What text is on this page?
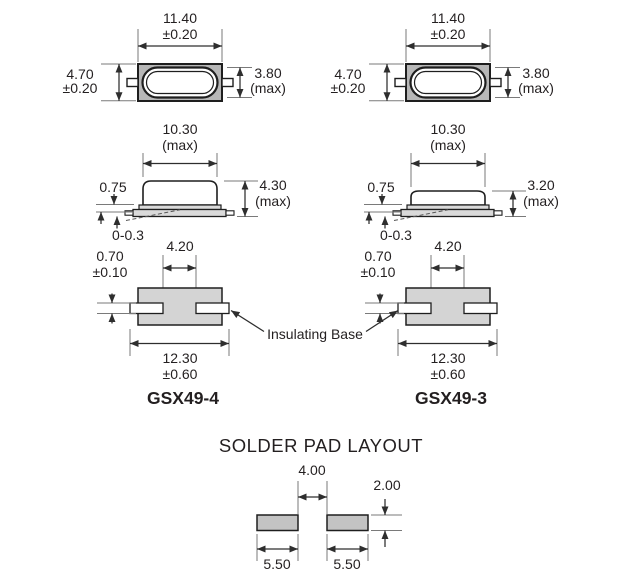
11.40
±0.20
4.70
±0.20
3.80
(max)
10.30
(max)
0.75
0-0.3
4.30
(max)
4.20
0.70
±0.10
12.30
±0.60
GSX49-4
11.40
±0.20
4.70
±0.20
3.80
(max)
10.30
(max)
0.75
0-0.3
3.20
(max)
4.20
0.70
±0.10
12.30
±0.60
GSX49-3
Insulating Base
SOLDER PAD LAYOUT
4.00
2.00
5.50	5.50
